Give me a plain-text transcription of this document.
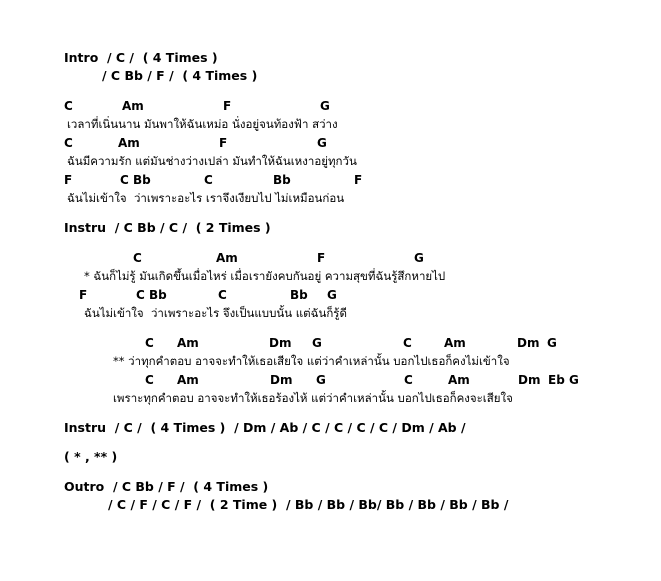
Intro  / C /  ( 4 Times )
/ C Bb / F /  ( 4 Times )
C	Am	F	G
เวลาที่เนิ่นนาน มันพาให้ฉันเหม่อ นั่งอยู่จนท้องฟ้า สว่าง
C	Am	F	G
ฉันมีความรัก แต่มันช่างว่างเปล่า มันทำให้ฉันเหงาอยู่ทุกวัน
F	C Bb	C	Bb	F
ฉันไม่เข้าใจ  ว่าเพราะอะไร เราจึงเงียบไป ไม่เหมือนก่อน
Instru  / C Bb / C /  ( 2 Times )
C	Am	F	G
* ฉันก็ไม่รู้ มันเกิดขึ้นเมื่อไหร่ เมื่อเรายังคบกันอยู่ ความสุขที่ฉันรู้สึกหายไป
F	C Bb	C	Bb G
ฉันไม่เข้าใจ  ว่าเพราะอะไร จึงเป็นแบบนั้น แต่ฉันก็รู้ดี
C Am	Dm G	C	Am	Dm G
** ว่าทุกคำตอบ อาจจะทำให้เธอเสียใจ แต่ว่าคำเหล่านั้น บอกไปเธอก็คงไม่เข้าใจ
C Am	Dm G	C	Am	Dm Eb G
เพราะทุกคำตอบ อาจจะทำให้เธอร้องไห้ แต่ว่าคำเหล่านั้น บอกไปเธอก็คงจะเสียใจ
Instru  / C /  ( 4 Times )  / Dm / Ab / C / C / C / C / Dm / Ab /
( * , ** )
Outro  / C Bb / F /  ( 4 Times )
/ C / F / C / F /  ( 2 Time )  / Bb / Bb / Bb/ Bb / Bb / Bb / Bb /
